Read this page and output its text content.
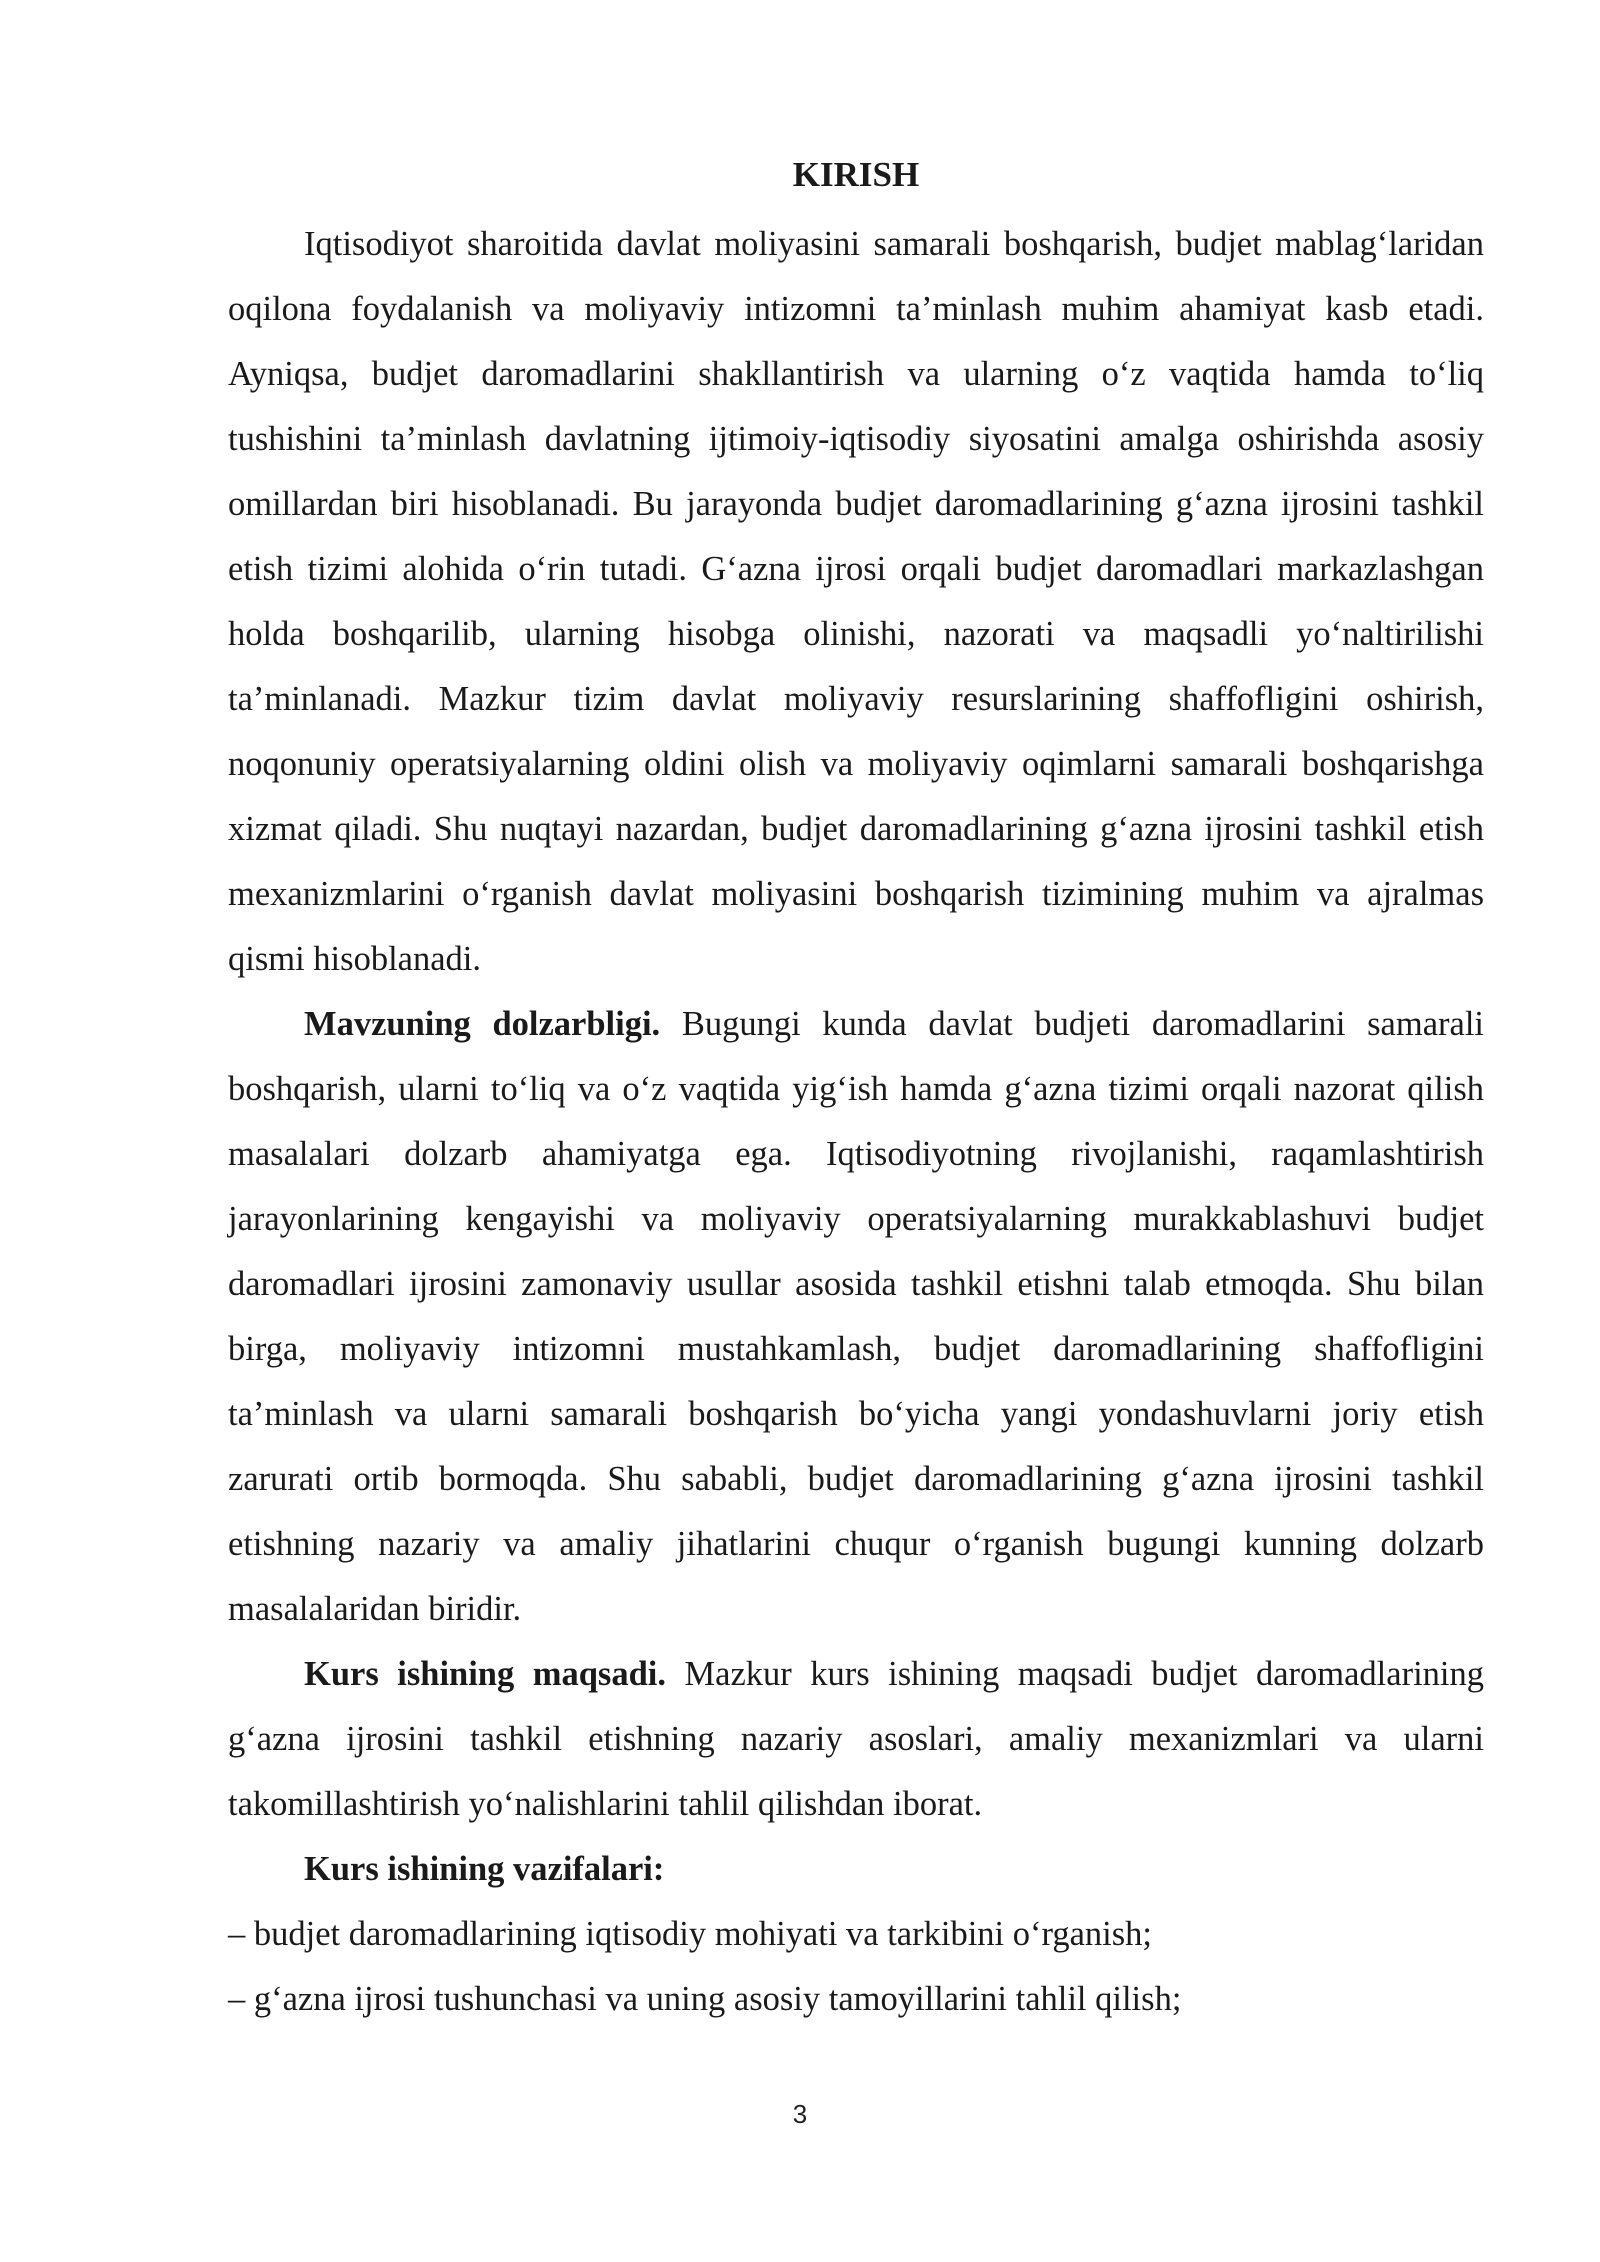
KIRISH

Iqtisodiyot sharoitida davlat moliyasini samarali boshqarish, budjet mablag‘laridan oqilona foydalanish va moliyaviy intizomni ta’minlash muhim ahamiyat kasb etadi. Ayniqsa, budjet daromadlarini shakllantirish va ularning o‘z vaqtida hamda to‘liq tushishini ta’minlash davlatning ijtimoiy-iqtisodiy siyosatini amalga oshirishda asosiy omillardan biri hisoblanadi. Bu jarayonda budjet daromadlarining g‘azna ijrosini tashkil etish tizimi alohida o‘rin tutadi. G‘azna ijrosi orqali budjet daromadlari markazlashgan holda boshqarilib, ularning hisobga olinishi, nazorati va maqsadli yo‘naltirilishi ta’minlanadi. Mazkur tizim davlat moliyaviy resurslarining shaffofligini oshirish, noqonuniy operatsiyalarning oldini olish va moliyaviy oqimlarni samarali boshqarishga xizmat qiladi. Shu nuqtayi nazardan, budjet daromadlarining g‘azna ijrosini tashkil etish mexanizmlarini o‘rganish davlat moliyasini boshqarish tizimining muhim va ajralmas qismi hisoblanadi.

Mavzuning dolzarbligi. Bugungi kunda davlat budjeti daromadlarini samarali boshqarish, ularni to‘liq va o‘z vaqtida yig‘ish hamda g‘azna tizimi orqali nazorat qilish masalalari dolzarb ahamiyatga ega. Iqtisodiyotning rivojlanishi, raqamlashtirish jarayonlarining kengayishi va moliyaviy operatsiyalarning murakkablashuvi budjet daromadlari ijrosini zamonaviy usullar asosida tashkil etishni talab etmoqda. Shu bilan birga, moliyaviy intizomni mustahkamlash, budjet daromadlarining shaffofligini ta’minlash va ularni samarali boshqarish bo‘yicha yangi yondashuvlarni joriy etish zarurati ortib bormoqda. Shu sababli, budjet daromadlarining g‘azna ijrosini tashkil etishning nazariy va amaliy jihatlarini chuqur o‘rganish bugungi kunning dolzarb masalalaridan biridir.

Kurs ishining maqsadi. Mazkur kurs ishining maqsadi budjet daromadlarining g‘azna ijrosini tashkil etishning nazariy asoslari, amaliy mexanizmlari va ularni takomillashtirish yo‘nalishlarini tahlil qilishdan iborat.

Kurs ishining vazifalari:

– budjet daromadlarining iqtisodiy mohiyati va tarkibini o‘rganish;
– g‘azna ijrosi tushunchasi va uning asosiy tamoyillarini tahlil qilish;
3
